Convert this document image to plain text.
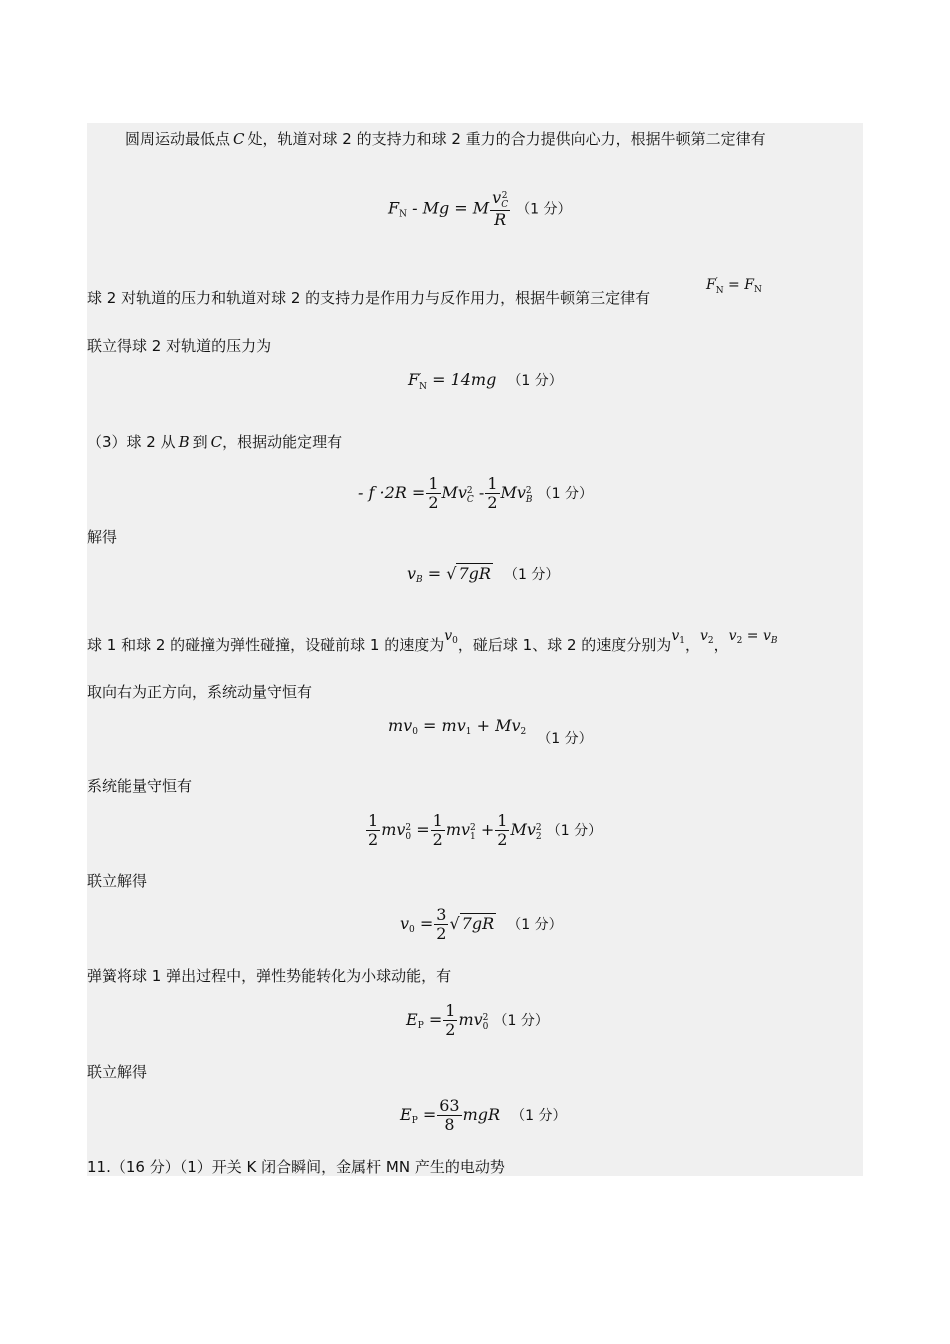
圆周运动最低点 C 处，轨道对球 2 的支持力和球 2 重力的合力提供向心力，根据牛顿第二定律有
$F_N - Mg = M$ v 2
C
R （1 分）
球 2 对轨道的压力和轨道对球 2 的支持力是作用力与反作用力，根据牛顿第三定律有
F ′
$N = F_N$
联立得球 2 对轨道的压力为
F ′
N = 14mg （1 分）
（3）球 2 从 B 到 C，根据动能定理有
- $f \cdot 2R = \frac{1}{2}$ Mv 2
C - $\frac{1}{2}$ Mv 2
B （1 分）
解得
vB = √ 7gR （1 分）
球 1 和球 2 的碰撞为弹性碰撞，设碰前球 1 的速度为$v_0$，碰后球 1、球 2 的速度分别为$v_1$，$v_2$，$v_2 = v_B$
取向右为正方向，系统动量守恒有
$mv_0 = mv_1 + Mv_2$ （1 分）
系统能量守恒有
$\frac{1}{2}$ mv 2
$0 = \frac{1}{2}$ mv 2
$1 + \frac{1}{2}$ Mv 2
2 （1 分）
联立解得
$v_0 = \frac{3}{2}$ √ 7gR （1 分）
弹簧将球 1 弹出过程中，弹性势能转化为小球动能，有
$E_P = \frac{1}{2}$ mv 2
0 （1 分）
联立解得
$E_P = \frac{63}{8}$ mgR （1 分）
11.（16 分）（1）开关 K 闭合瞬间，金属杆 MN 产生的电动势
